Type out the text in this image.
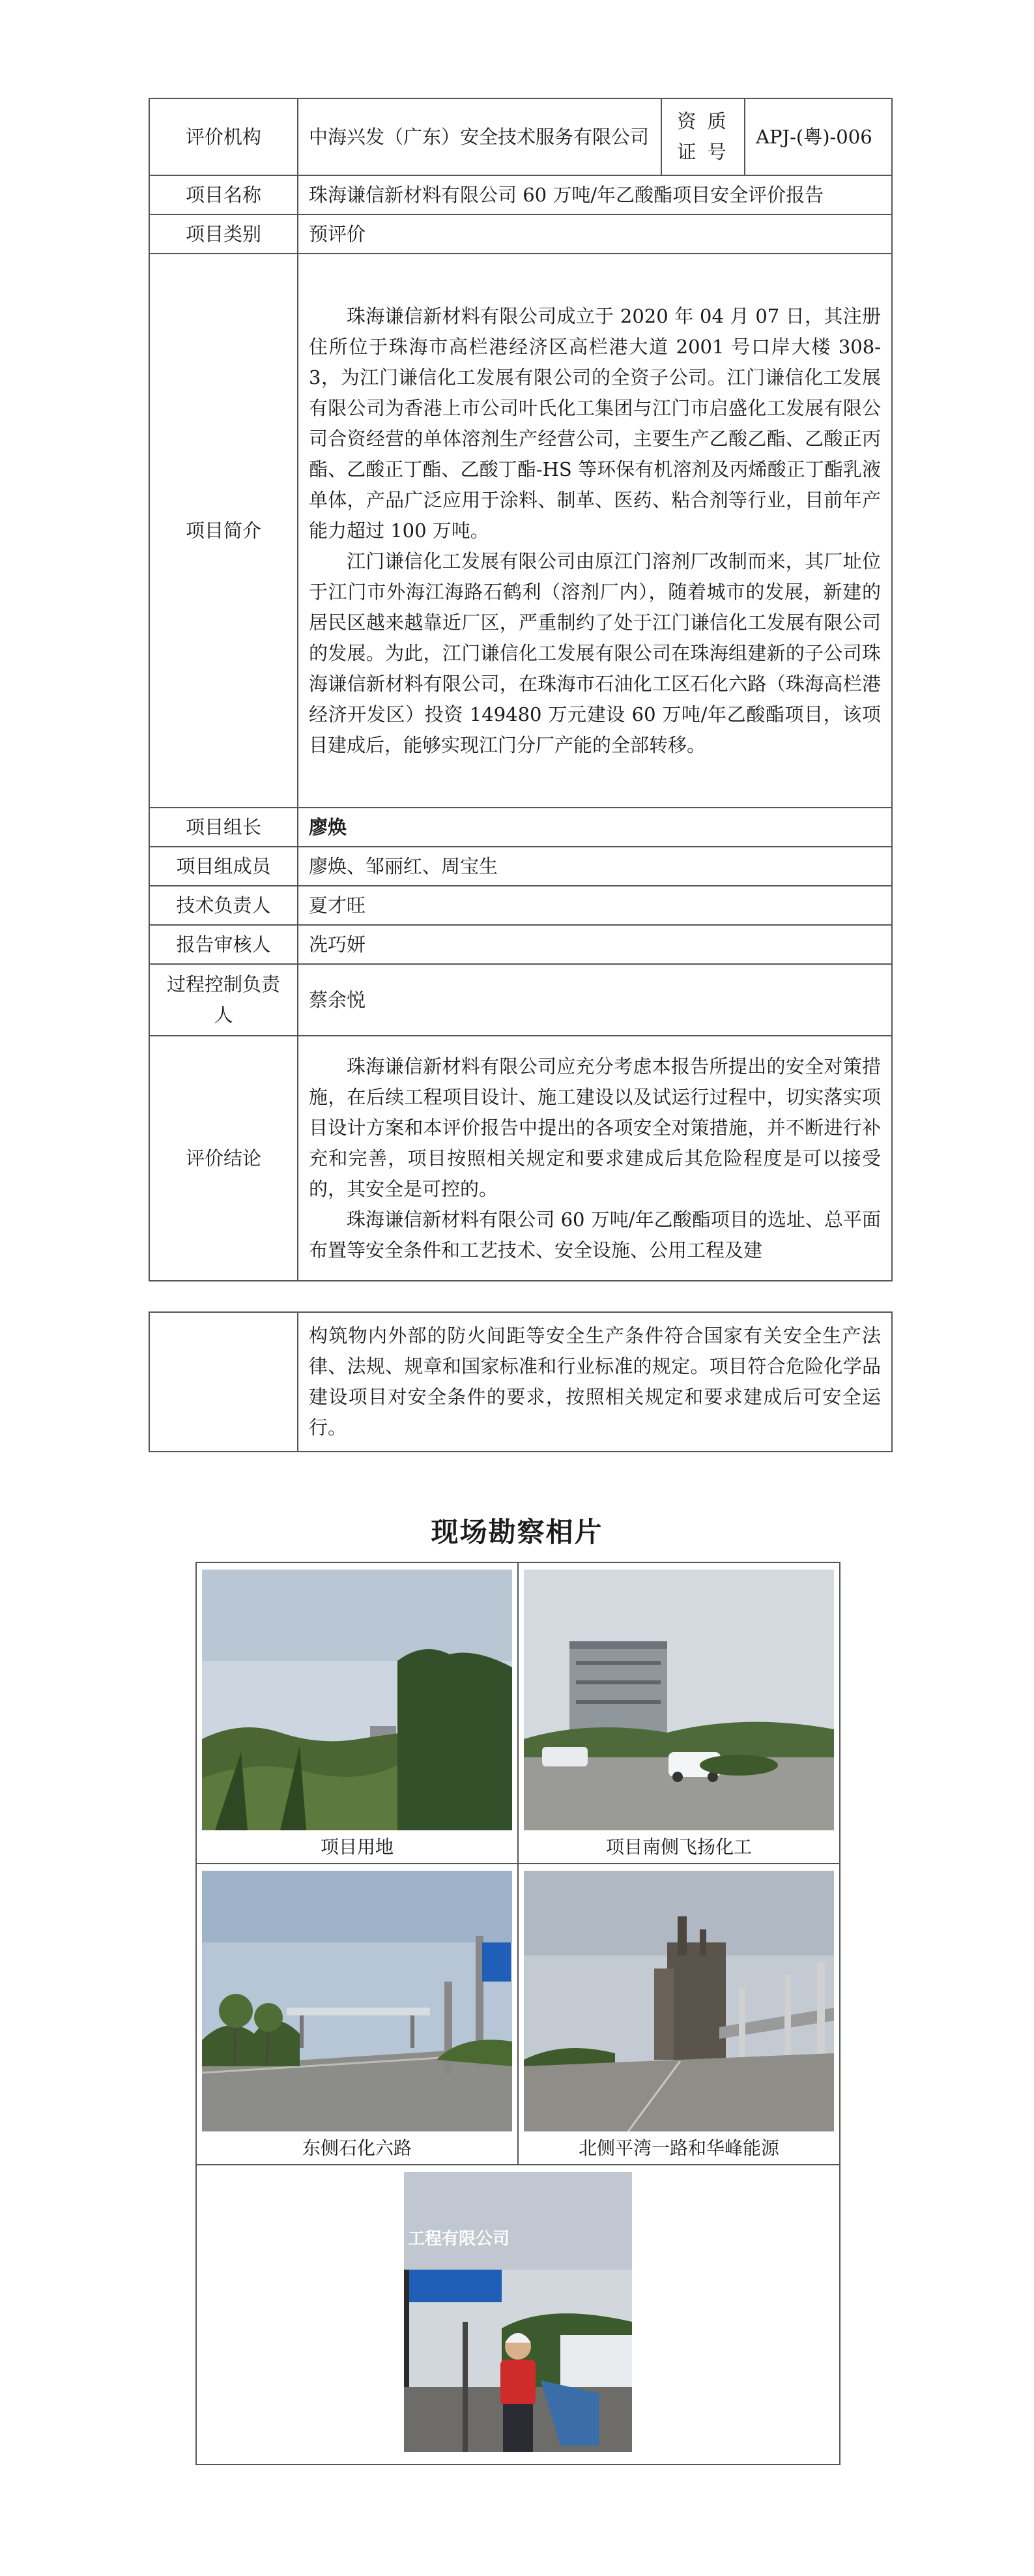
评价机构	中海兴发（广东）安全技术服务有限公司	资 质 证 号	APJ-(粤)-006
项目名称	珠海谦信新材料有限公司 60 万吨/年乙酸酯项目安全评价报告		
项目类别	预评价		
项目简介	珠海谦信新材料有限公司成立于 2020 年 04 月 07 日，其注册住所位于珠海市高栏港经济区高栏港大道 2001 号口岸大楼 308-3，为江门谦信化工发展有限公司的全资子公司。江门谦信化工发展有限公司为香港上市公司叶氏化工集团与江门市启盛化工发展有限公司合资经营的单体溶剂生产经营公司，主要生产乙酸乙酯、乙酸正丙酯、乙酸正丁酯、乙酸丁酯-HS 等环保有机溶剂及丙烯酸正丁酯乳液单体，产品广泛应用于涂料、制革、医药、粘合剂等行业，目前年产能力超过 100 万吨。

江门谦信化工发展有限公司由原江门溶剂厂改制而来，其厂址位于江门市外海江海路石鹤利（溶剂厂内），随着城市的发展，新建的居民区越来越靠近厂区，严重制约了处于江门谦信化工发展有限公司的发展。为此，江门谦信化工发展有限公司在珠海组建新的子公司珠海谦信新材料有限公司，在珠海市石油化工区石化六路（珠海高栏港经济开发区）投资 149480 万元建设 60 万吨/年乙酸酯项目，该项目建成后，能够实现江门分厂产能的全部转移。		

项目组长	廖焕		
项目组成员	廖焕、邹丽红、周宝生		
技术负责人	夏才旺		
报告审核人	冼巧妍		
过程控制负责人	蔡余悦		
评价结论	珠海谦信新材料有限公司应充分考虑本报告所提出的安全对策措施，在后续工程项目设计、施工建设以及试运行过程中，切实落实项目设计方案和本评价报告中提出的各项安全对策措施，并不断进行补充和完善，项目按照相关规定和要求建成后其危险程度是可以接受的，其安全是可控的。

珠海谦信新材料有限公司 60 万吨/年乙酸酯项目的选址、总平面布置等安全条件和工艺技术、安全设施、公用工程及建		

构筑物内外部的防火间距等安全生产条件符合国家有关安全生产法律、法规、规章和国家标准和行业标准的规定。项目符合危险化学品建设项目对安全条件的要求，按照相关规定和要求建成后可安全运行。

现场勘察相片
项目用地	项目南侧飞扬化工

东侧石化六路	北侧平湾一路和华峰能源

工程有限公司	
